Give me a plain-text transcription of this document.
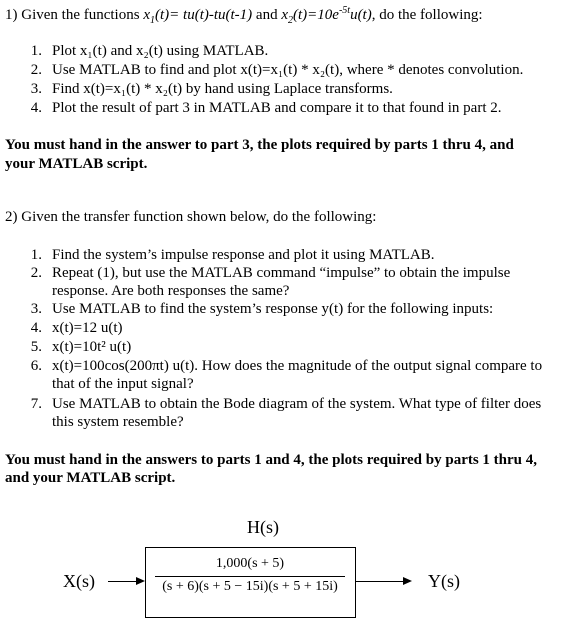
1) Given the functions $x_1(t)= tu(t)-tu(t-1)$ and $x_2(t)=10e^{-5t}u(t)$, do the following:
1. Plot x₁(t) and x₂(t) using MATLAB.
2. Use MATLAB to find and plot x(t)=x₁(t) * x₂(t), where * denotes convolution.
3. Find x(t)=x₁(t) * x₂(t) by hand using Laplace transforms.
4. Plot the result of part 3 in MATLAB and compare it to that found in part 2.
You must hand in the answer to part 3, the plots required by parts 1 thru 4, and
your MATLAB script.
2) Given the transfer function shown below, do the following:
1. Find the system’s impulse response and plot it using MATLAB.
2. Repeat (1), but use the MATLAB command “impulse” to obtain the impulse
response. Are both responses the same?
3. Use MATLAB to find the system’s response y(t) for the following inputs:
4. x(t)=12 u(t)
5. x(t)=10t² u(t)
6. x(t)=100cos(200πt) u(t). How does the magnitude of the output signal compare to
that of the input signal?
7. Use MATLAB to obtain the Bode diagram of the system. What type of filter does
this system resemble?
You must hand in the answers to parts 1 and 4, the plots required by parts 1 thru 4,
and your MATLAB script.
H(s)
X(s)
1,000(s + 5)
(s + 6)(s + 5 − 15i)(s + 5 + 15i)	Y(s)
